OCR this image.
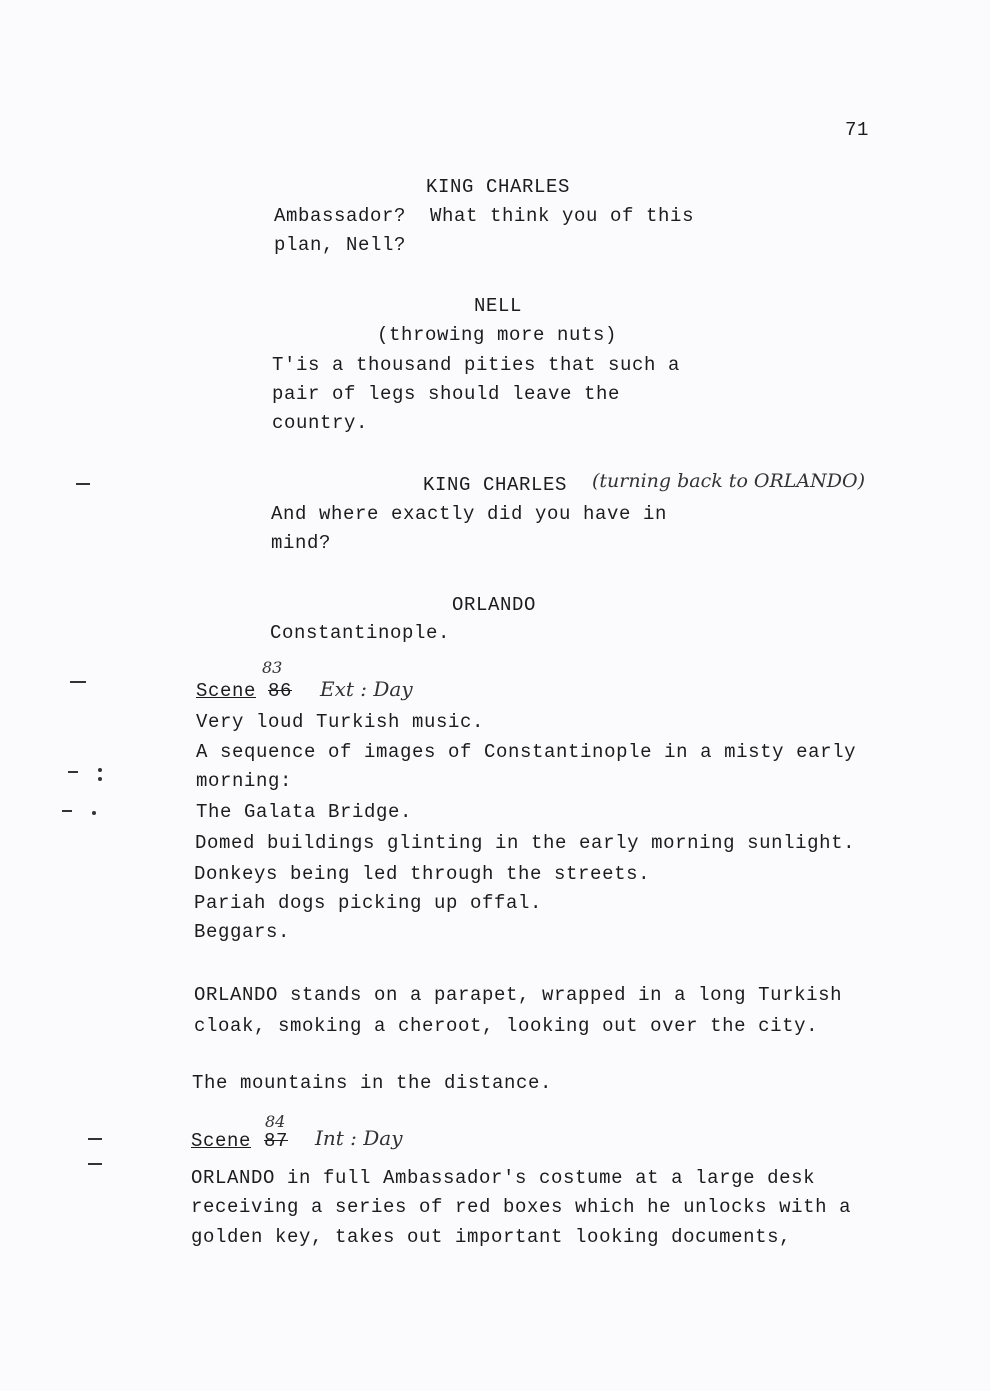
71
KING CHARLES
Ambassador?  What think you of this
plan, Nell?
NELL
(throwing more nuts)
T'is a thousand pities that such a
pair of legs should leave the
country.
KING CHARLES (turning back to ORLANDO)
And where exactly did you have in
mind?
ORLANDO
Constantinople.
83
Scene 86 Ext : Day
Very loud Turkish music.
A sequence of images of Constantinople in a misty early
morning:
The Galata Bridge.
Domed buildings glinting in the early morning sunlight.
Donkeys being led through the streets.
Pariah dogs picking up offal.
Beggars.
ORLANDO stands on a parapet, wrapped in a long Turkish
cloak, smoking a cheroot, looking out over the city.
The mountains in the distance.
84
Scene 87 Int : Day
ORLANDO in full Ambassador's costume at a large desk
receiving a series of red boxes which he unlocks with a
golden key, takes out important looking documents,
